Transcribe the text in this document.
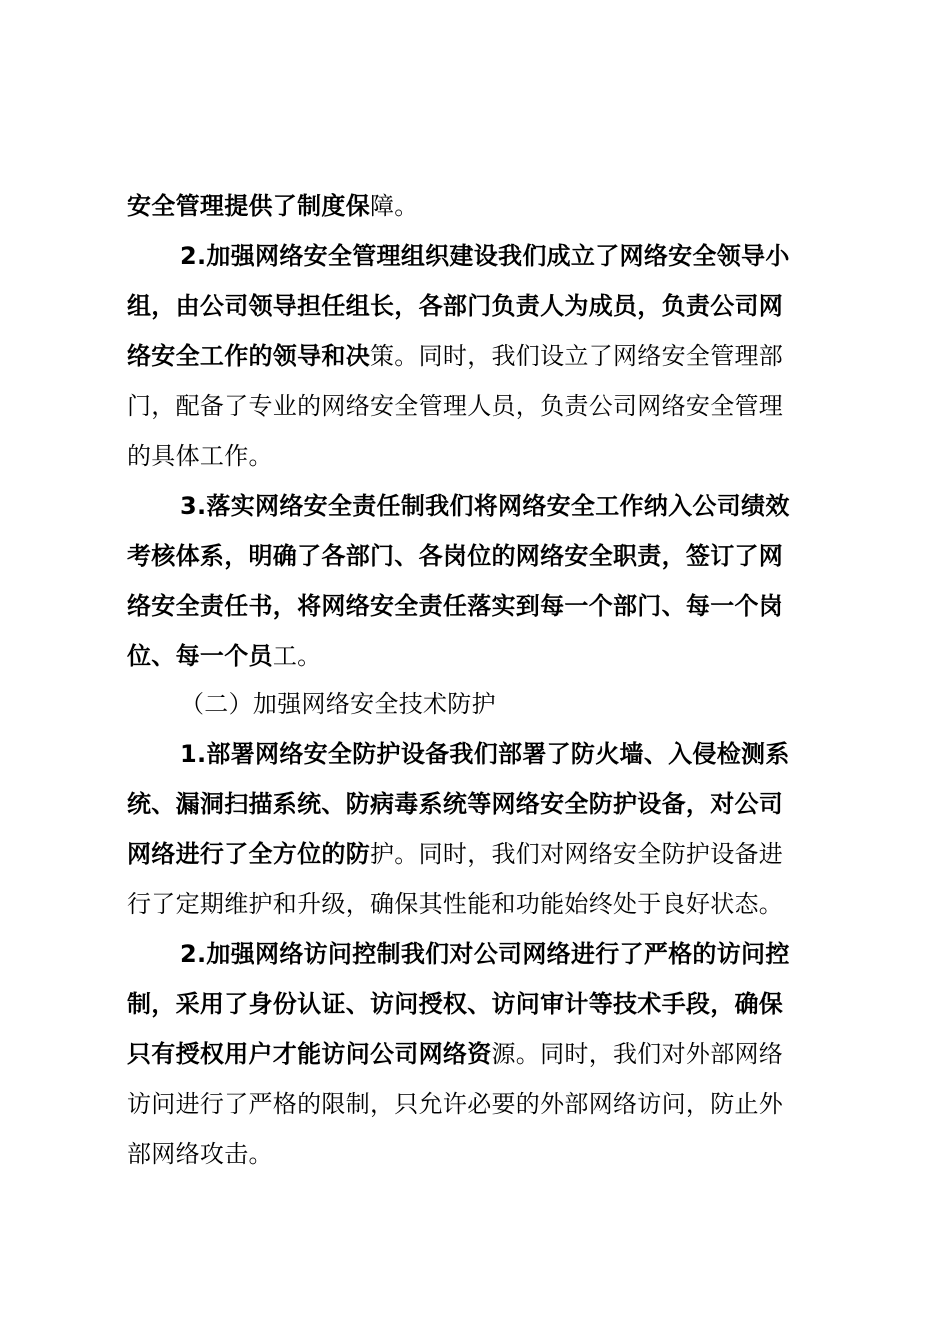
安全管理提供了制度保障。
2.加强网络安全管理组织建设我们成立了网络安全领导小
组，由公司领导担任组长，各部门负责人为成员，负责公司网
络安全工作的领导和决策。同时，我们设立了网络安全管理部
门，配备了专业的网络安全管理人员，负责公司网络安全管理
的具体工作。
3.落实网络安全责任制我们将网络安全工作纳入公司绩效
考核体系，明确了各部门、各岗位的网络安全职责，签订了网
络安全责任书，将网络安全责任落实到每一个部门、每一个岗
位、每一个员工。
（二）加强网络安全技术防护
1.部署网络安全防护设备我们部署了防火墙、入侵检测系
统、漏洞扫描系统、防病毒系统等网络安全防护设备，对公司
网络进行了全方位的防护。同时，我们对网络安全防护设备进
行了定期维护和升级，确保其性能和功能始终处于良好状态。
2.加强网络访问控制我们对公司网络进行了严格的访问控
制，采用了身份认证、访问授权、访问审计等技术手段，确保
只有授权用户才能访问公司网络资源。同时，我们对外部网络
访问进行了严格的限制，只允许必要的外部网络访问，防止外
部网络攻击。
